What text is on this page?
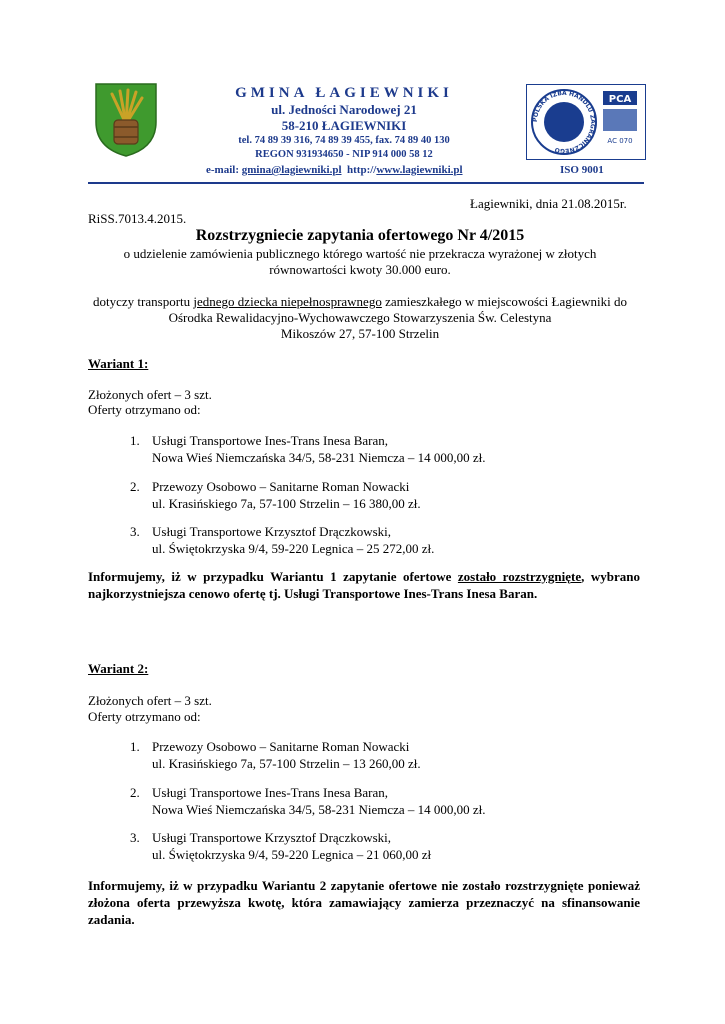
GMINA ŁAGIEWNIKI
ul. Jedności Narodowej 21
58-210 ŁAGIEWNIKI
tel. 74 89 39 316, 74 89 39 455, fax. 74 89 40 130
REGON 931934650 - NIP 914 000 58 12
e-mail: gmina@lagiewniki.pl http://www.lagiewniki.pl
POLSKA IZBA HANDLU ZAGRANICZNEGO
PCA
AC 070
ISO 9001
Łagiewniki, dnia 21.08.2015r.
RiSS.7013.4.2015.
Rozstrzygniecie zapytania ofertowego Nr 4/2015
o udzielenie zamówienia publicznego którego wartość nie przekracza wyrażonej w złotych
równowartości kwoty 30.000 euro.
dotyczy transportu jednego dziecka niepełnosprawnego zamieszkałego w miejscowości Łagiewniki do
Ośrodka Rewalidacyjno-Wychowawczego Stowarzyszenia Św. Celestyna
Mikoszów 27, 57-100 Strzelin
Wariant 1:
Złożonych ofert – 3 szt.
Oferty otrzymano od:
1. Usługi Transportowe Ines-Trans Inesa Baran,
Nowa Wieś Niemczańska 34/5, 58-231 Niemcza – 14 000,00 zł.
2. Przewozy Osobowo – Sanitarne Roman Nowacki
ul. Krasińskiego 7a, 57-100 Strzelin – 16 380,00 zł.
3. Usługi Transportowe Krzysztof Drączkowski,
ul. Świętokrzyska 9/4, 59-220 Legnica – 25 272,00 zł.
Informujemy, iż w przypadku Wariantu 1 zapytanie ofertowe zostało rozstrzygnięte, wybrano najkorzystniejsza cenowo ofertę tj. Usługi Transportowe Ines-Trans Inesa Baran.
Wariant 2:
Złożonych ofert – 3 szt.
Oferty otrzymano od:
1. Przewozy Osobowo – Sanitarne Roman Nowacki
ul. Krasińskiego 7a, 57-100 Strzelin – 13 260,00 zł.
2. Usługi Transportowe Ines-Trans Inesa Baran,
Nowa Wieś Niemczańska 34/5, 58-231 Niemcza – 14 000,00 zł.
3. Usługi Transportowe Krzysztof Drączkowski,
ul. Świętokrzyska 9/4, 59-220 Legnica – 21 060,00 zł
Informujemy, iż w przypadku Wariantu 2 zapytanie ofertowe nie zostało rozstrzygnięte ponieważ złożona oferta przewyższa kwotę, która zamawiający zamierza przeznaczyć na sfinansowanie zadania.
